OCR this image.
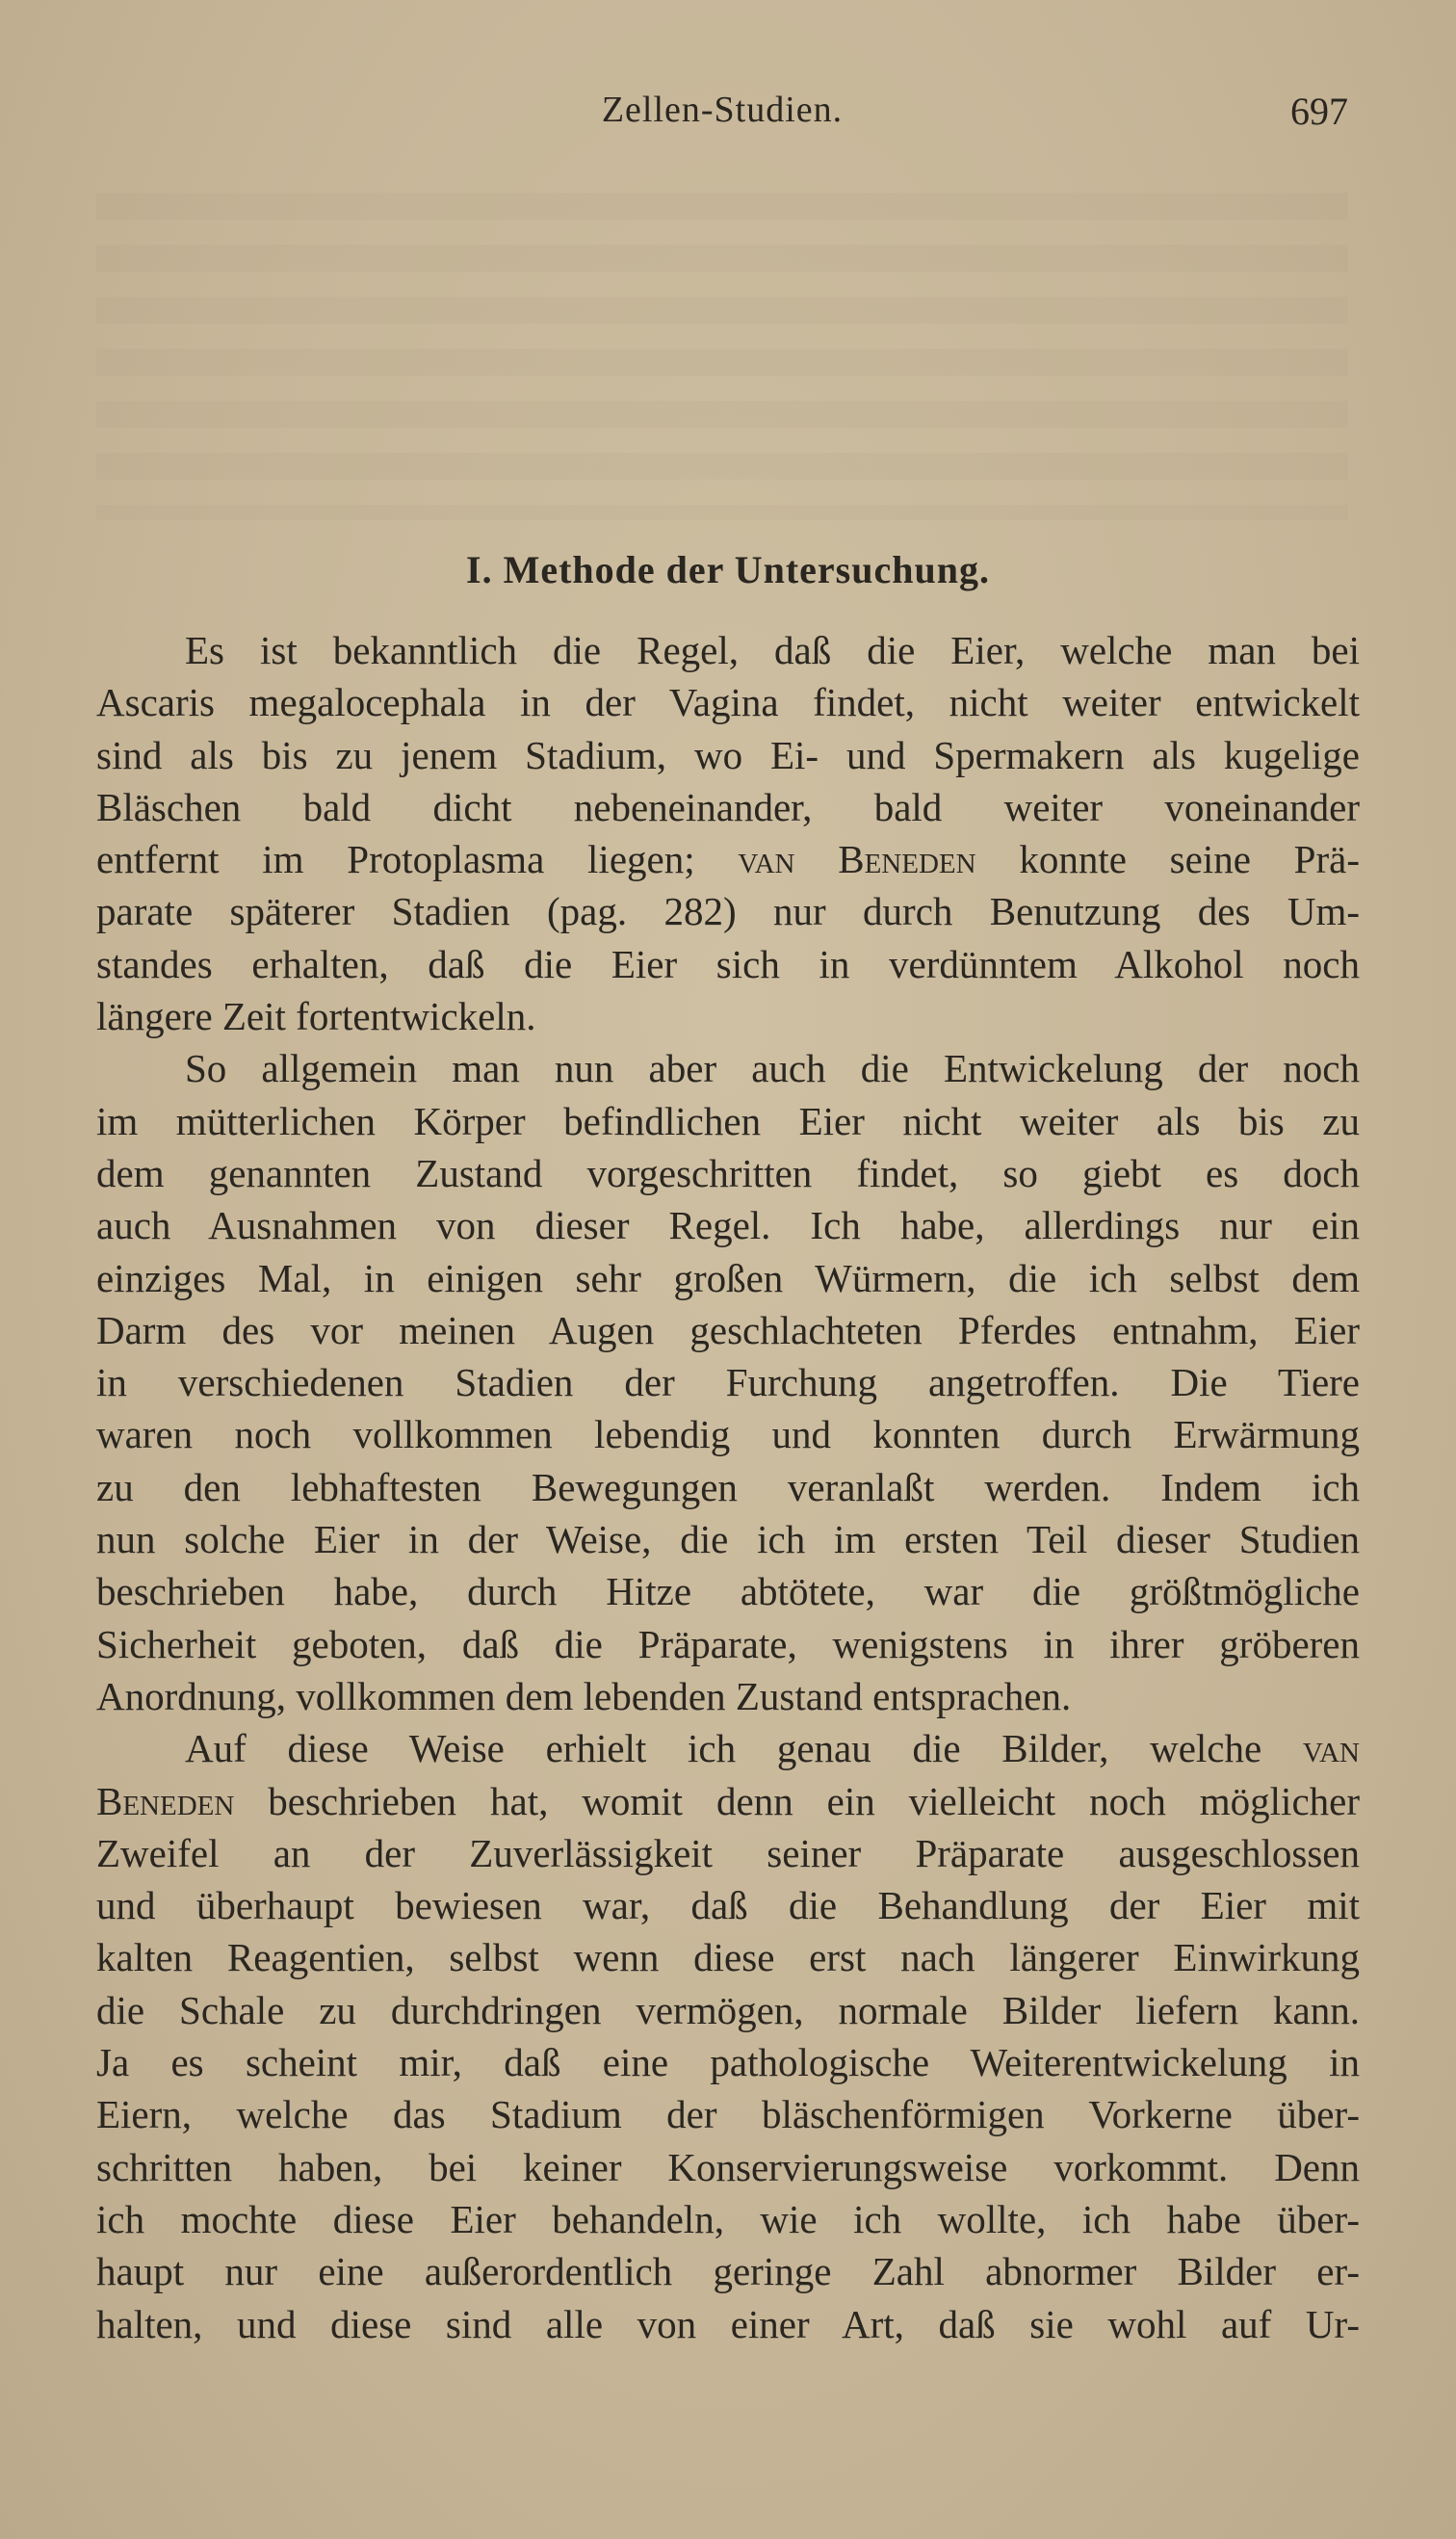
Zellen-Studien.	697
I. Methode der Untersuchung.
Es ist bekanntlich die Regel, daß die Eier, welche man bei
Ascaris megalocephala in der Vagina findet, nicht weiter entwickelt
sind als bis zu jenem Stadium, wo Ei- und Spermakern als kugelige
Bläschen bald dicht nebeneinander, bald weiter voneinander
entfernt im Protoplasma liegen; van Beneden konnte seine Prä-
parate späterer Stadien (pag. 282) nur durch Benutzung des Um-
standes erhalten, daß die Eier sich in verdünntem Alkohol noch
längere Zeit fortentwickeln.
So allgemein man nun aber auch die Entwickelung der noch
im mütterlichen Körper befindlichen Eier nicht weiter als bis zu
dem genannten Zustand vorgeschritten findet, so giebt es doch
auch Ausnahmen von dieser Regel. Ich habe, allerdings nur ein
einziges Mal, in einigen sehr großen Würmern, die ich selbst dem
Darm des vor meinen Augen geschlachteten Pferdes entnahm, Eier
in verschiedenen Stadien der Furchung angetroffen. Die Tiere
waren noch vollkommen lebendig und konnten durch Erwärmung
zu den lebhaftesten Bewegungen veranlaßt werden. Indem ich
nun solche Eier in der Weise, die ich im ersten Teil dieser Studien
beschrieben habe, durch Hitze abtötete, war die größtmögliche
Sicherheit geboten, daß die Präparate, wenigstens in ihrer gröberen
Anordnung, vollkommen dem lebenden Zustand entsprachen.
Auf diese Weise erhielt ich genau die Bilder, welche van
Beneden beschrieben hat, womit denn ein vielleicht noch möglicher
Zweifel an der Zuverlässigkeit seiner Präparate ausgeschlossen
und überhaupt bewiesen war, daß die Behandlung der Eier mit
kalten Reagentien, selbst wenn diese erst nach längerer Einwirkung
die Schale zu durchdringen vermögen, normale Bilder liefern kann.
Ja es scheint mir, daß eine pathologische Weiterentwickelung in
Eiern, welche das Stadium der bläschenförmigen Vorkerne über-
schritten haben, bei keiner Konservierungsweise vorkommt. Denn
ich mochte diese Eier behandeln, wie ich wollte, ich habe über-
haupt nur eine außerordentlich geringe Zahl abnormer Bilder er-
halten, und diese sind alle von einer Art, daß sie wohl auf Ur-
